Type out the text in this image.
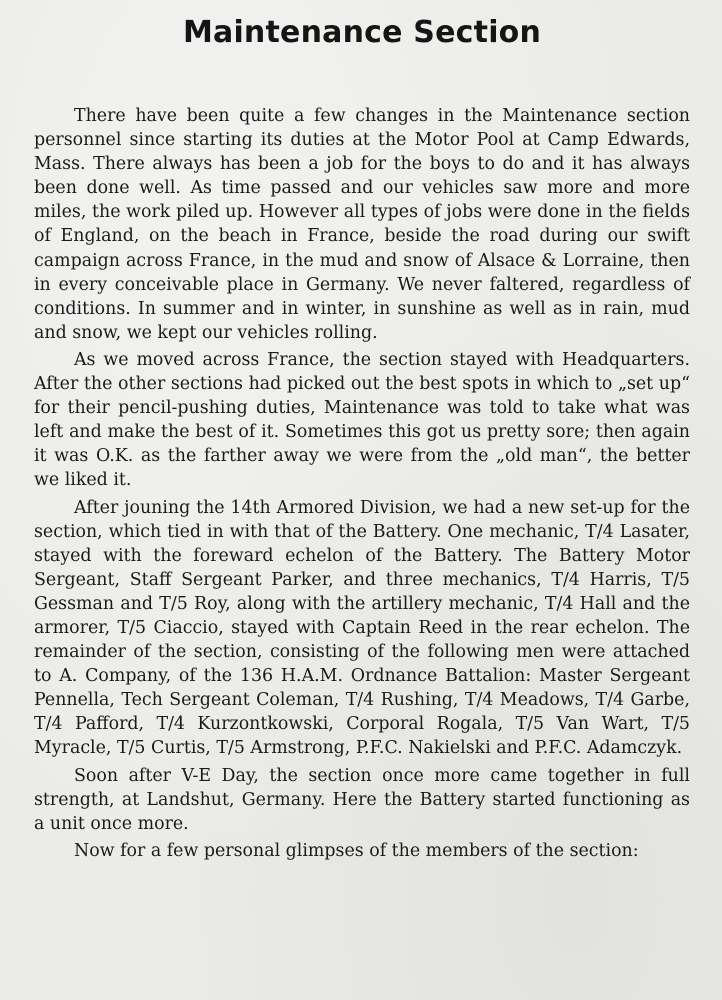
Maintenance Section

There have been quite a few changes in the Maintenance section personnel since starting its duties at the Motor Pool at Camp Edwards, Mass. There always has been a job for the boys to do and it has always been done well. As time passed and our vehicles saw more and more miles, the work piled up. However all types of jobs were done in the fields of England, on the beach in France, beside the road during our swift campaign across France, in the mud and snow of Alsace & Lorraine, then in every conceivable place in Germany. We never faltered, regardless of conditions. In summer and in winter, in sunshine as well as in rain, mud and snow, we kept our vehicles rolling.

As we moved across France, the section stayed with Headquarters. After the other sections had picked out the best spots in which to „set up“ for their pencil-pushing duties, Maintenance was told to take what was left and make the best of it. Sometimes this got us pretty sore; then again it was O.K. as the farther away we were from the „old man“, the better we liked it.

After jouning the 14th Armored Division, we had a new set-up for the section, which tied in with that of the Battery. One mechanic, T/4 Lasater, stayed with the foreward echelon of the Battery. The Battery Motor Sergeant, Staff Sergeant Parker, and three mechanics, T/4 Harris, T/5 Gessman and T/5 Roy, along with the artillery mechanic, T/4 Hall and the armorer, T/5 Ciaccio, stayed with Captain Reed in the rear echelon. The remainder of the section, consisting of the following men were attached to A. Company, of the 136 H.A.M. Ordnance Battalion: Master Sergeant Pennella, Tech Sergeant Coleman, T/4 Rushing, T/4 Meadows, T/4 Garbe, T/4 Pafford, T/4 Kurzontkowski, Corporal Rogala, T/5 Van Wart, T/5 Myracle, T/5 Curtis, T/5 Armstrong, P.F.C. Nakielski and P.F.C. Adamczyk.

Soon after V-E Day, the section once more came together in full strength, at Landshut, Germany. Here the Battery started functioning as a unit once more.

Now for a few personal glimpses of the members of the section:
